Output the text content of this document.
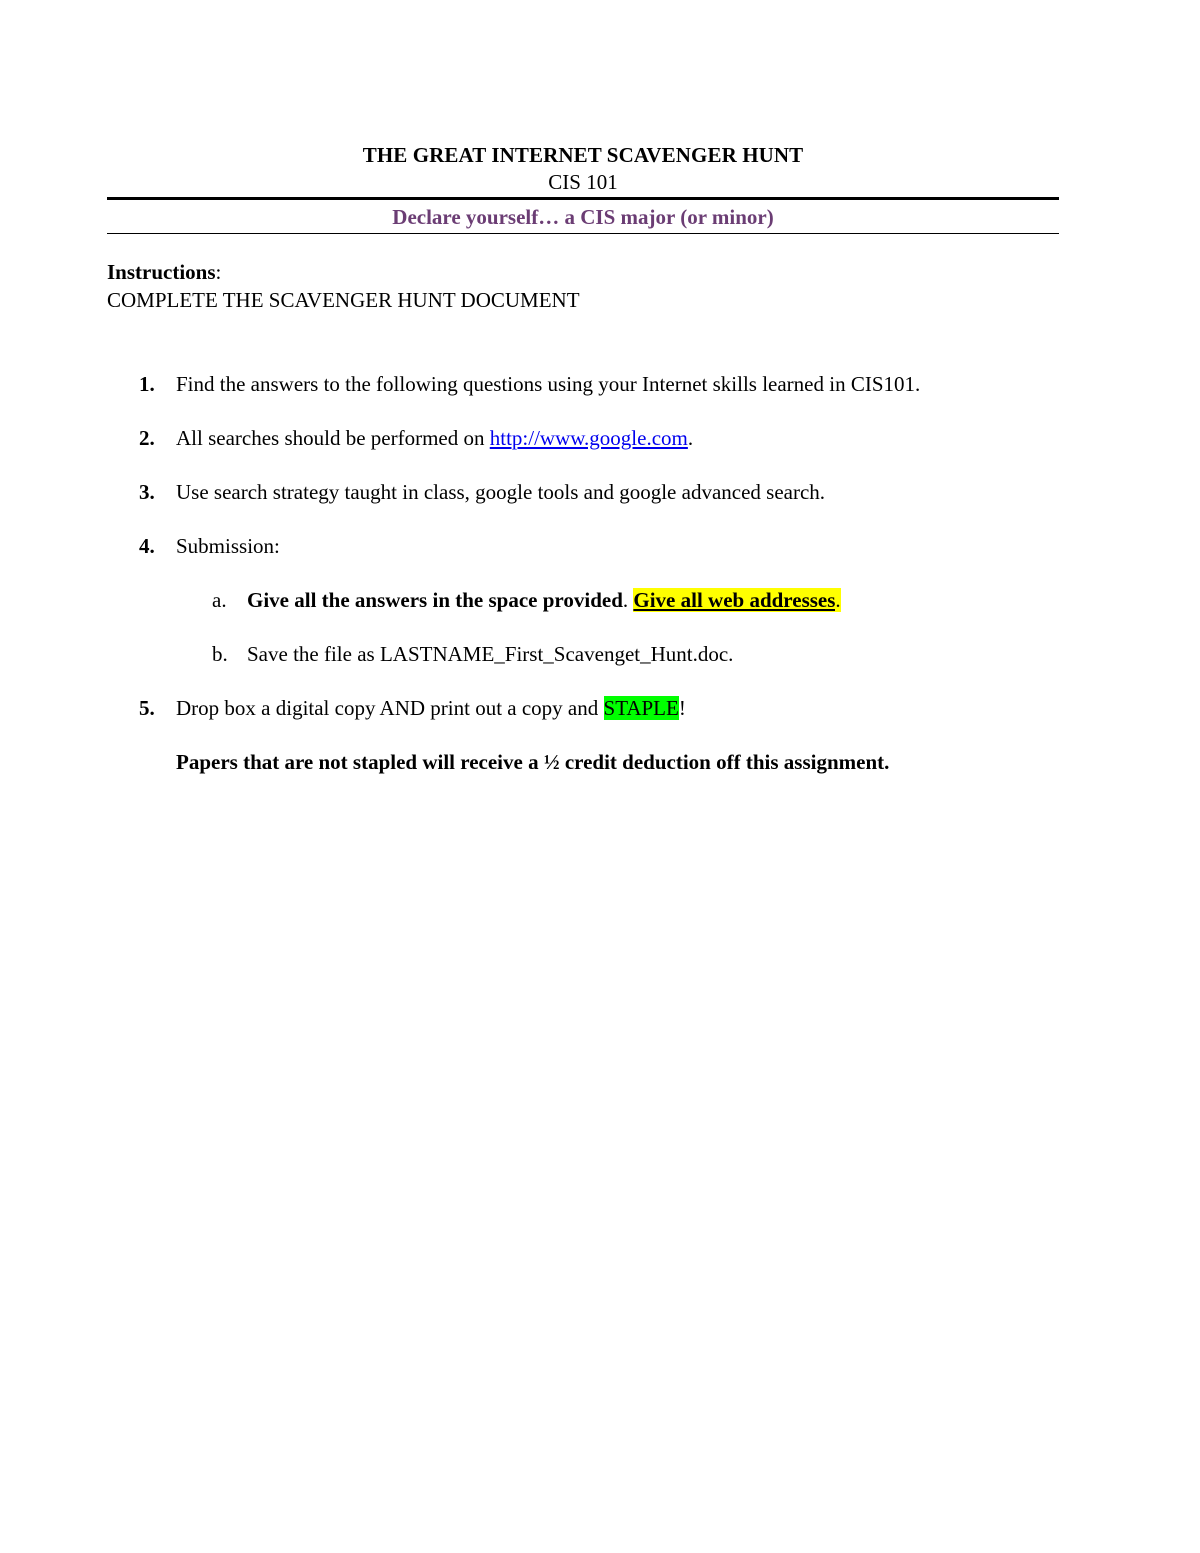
THE GREAT INTERNET SCAVENGER HUNT
CIS 101
Declare yourself… a CIS major (or minor)
Instructions:
COMPLETE THE SCAVENGER HUNT DOCUMENT
1. Find the answers to the following questions using your Internet skills learned in CIS101.
2. All searches should be performed on http://www.google.com.
3. Use search strategy taught in class, google tools and google advanced search.
4. Submission:
a. Give all the answers in the space provided. Give all web addresses.
b. Save the file as LASTNAME_First_Scavenget_Hunt.doc.
5. Drop box a digital copy AND print out a copy and STAPLE!
Papers that are not stapled will receive a ½ credit deduction off this assignment.
